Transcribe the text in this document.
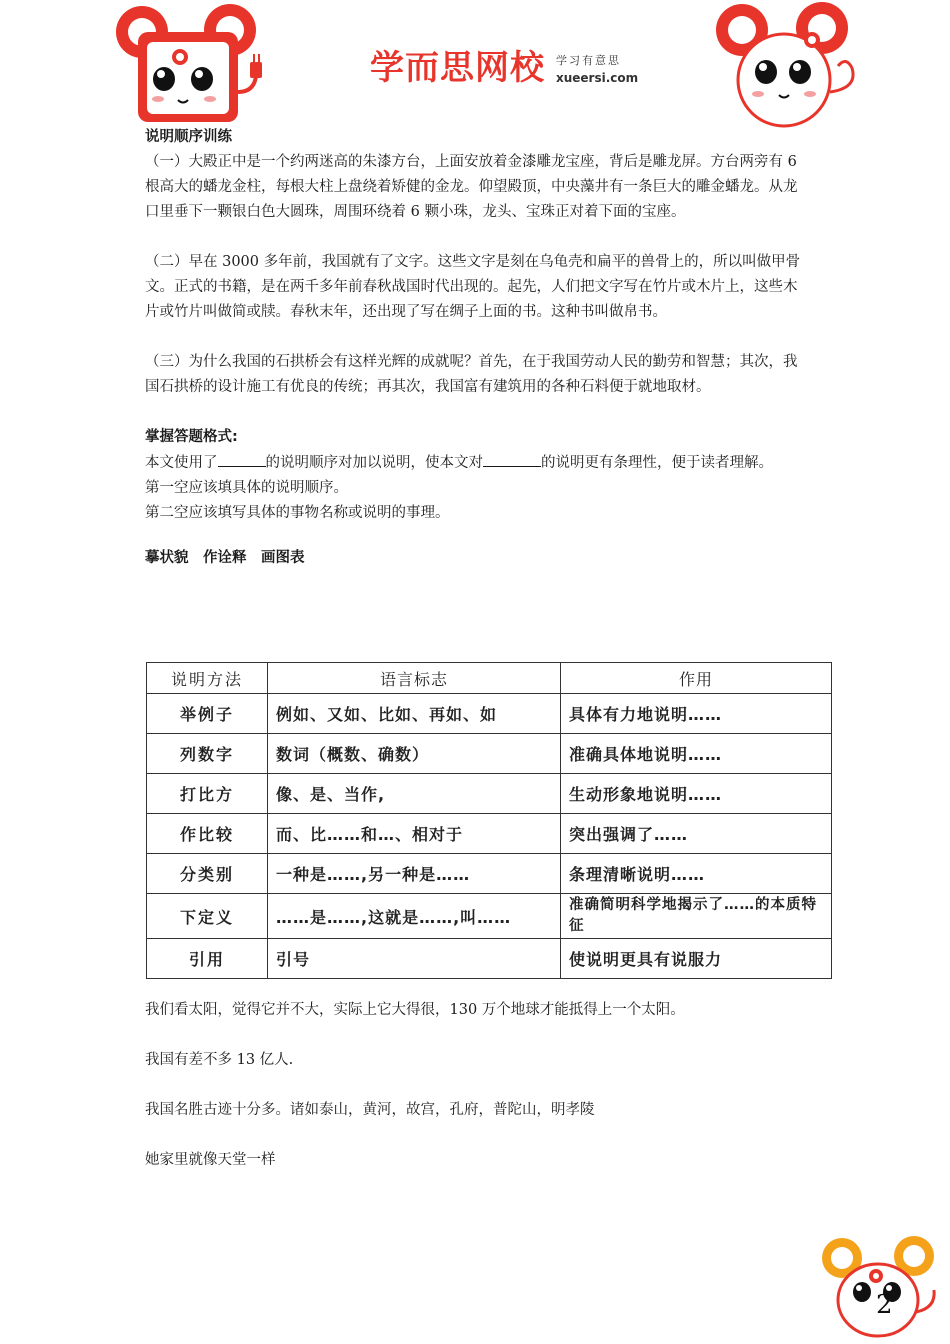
学而思网校 学习有意思
xueersi.com

说明顺序训练

（一）大殿正中是一个约两迷高的朱漆方台，上面安放着金漆雕龙宝座，背后是雕龙屏。方台两旁有 6 根高大的蟠龙金柱，每根大柱上盘绕着矫健的金龙。仰望殿顶，中央藻井有一条巨大的雕金蟠龙。从龙口里垂下一颗银白色大圆珠，周围环绕着 6 颗小珠，龙头、宝珠正对着下面的宝座。

（二）早在 3000 多年前，我国就有了文字。这些文字是刻在乌龟壳和扁平的兽骨上的，所以叫做甲骨文。正式的书籍，是在两千多年前春秋战国时代出现的。起先，人们把文字写在竹片或木片上，这些木片或竹片叫做简或牍。春秋末年，还出现了写在绸子上面的书。这种书叫做帛书。

（三）为什么我国的石拱桥会有这样光辉的成就呢？首先，在于我国劳动人民的勤劳和智慧；其次，我国石拱桥的设计施工有优良的传统；再其次，我国富有建筑用的各种石料便于就地取材。

掌握答题格式:

本文使用了	的说明顺序对加以说明，使本文对	的说明更有条理性，便于读者理解。

第一空应该填具体的说明顺序。

第二空应该填写具体的事物名称或说明的事理。

摹状貌　作诠释　画图表

说明方法	语言标志	作用
举例子	例如、又如、比如、再如、如	具体有力地说明……
列数字	数词（概数、确数）	准确具体地说明……
打比方	像、是、当作,	生动形象地说明……
作比较	而、比……和…、相对于	突出强调了……
分类别	一种是……,另一种是……	条理清晰说明……
下定义	……是……,这就是……,叫……	准确简明科学地揭示了……的本质特征
引用	引号	使说明更具有说服力

我们看太阳，觉得它并不大，实际上它大得很，130 万个地球才能抵得上一个太阳。

我国有差不多 13 亿人.

我国名胜古迹十分多。诸如泰山，黄河，故宫，孔府，普陀山，明孝陵

她家里就像天堂一样

2
